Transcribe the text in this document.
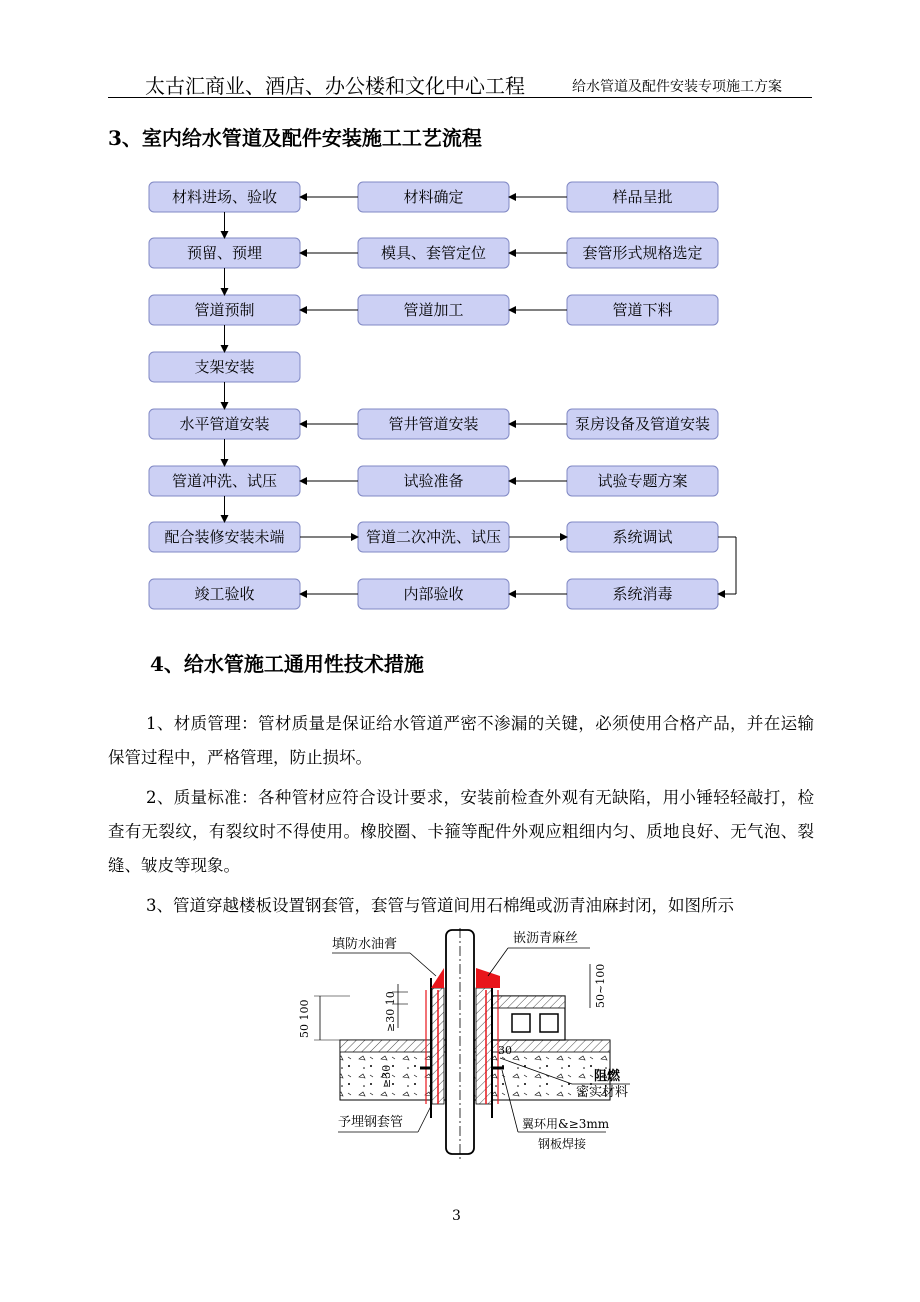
太古汇商业、酒店、办公楼和文化中心工程	给水管道及配件安装专项施工方案
3、室内给水管道及配件安装施工工艺流程
材料进场、验收	材料确定	样品呈批
预留、预埋	模具、套管定位	套管形式规格选定
管道预制	管道加工	管道下料
支架安装
水平管道安装	管井管道安装	泵房设备及管道安装
管道冲洗、试压	试验准备	试验专题方案
配合装修安装未端	管道二次冲洗、试压	系统调试
竣工验收	内部验收	系统消毒
4、给水管施工通用性技术措施
1、材质管理：管材质量是保证给水管道严密不渗漏的关键，必须使用合格产品，并在运输保管过程中，严格管理，防止损坏。
2、质量标准：各种管材应符合设计要求，安装前检查外观有无缺陷，用小锤轻轻敲打，检查有无裂纹，有裂纹时不得使用。橡胶圈、卡箍等配件外观应粗细内匀、质地良好、无气泡、裂缝、皱皮等现象。
3、管道穿越楼板设置钢套管，套管与管道间用石棉绳或沥青油麻封闭，如图所示
填防水油膏	嵌沥青麻丝
予埋钢套管
阻燃
密实材料
翼环用&≥3mm
钢板焊接
50 100	≥30 10
50~100
≥30
30
3
